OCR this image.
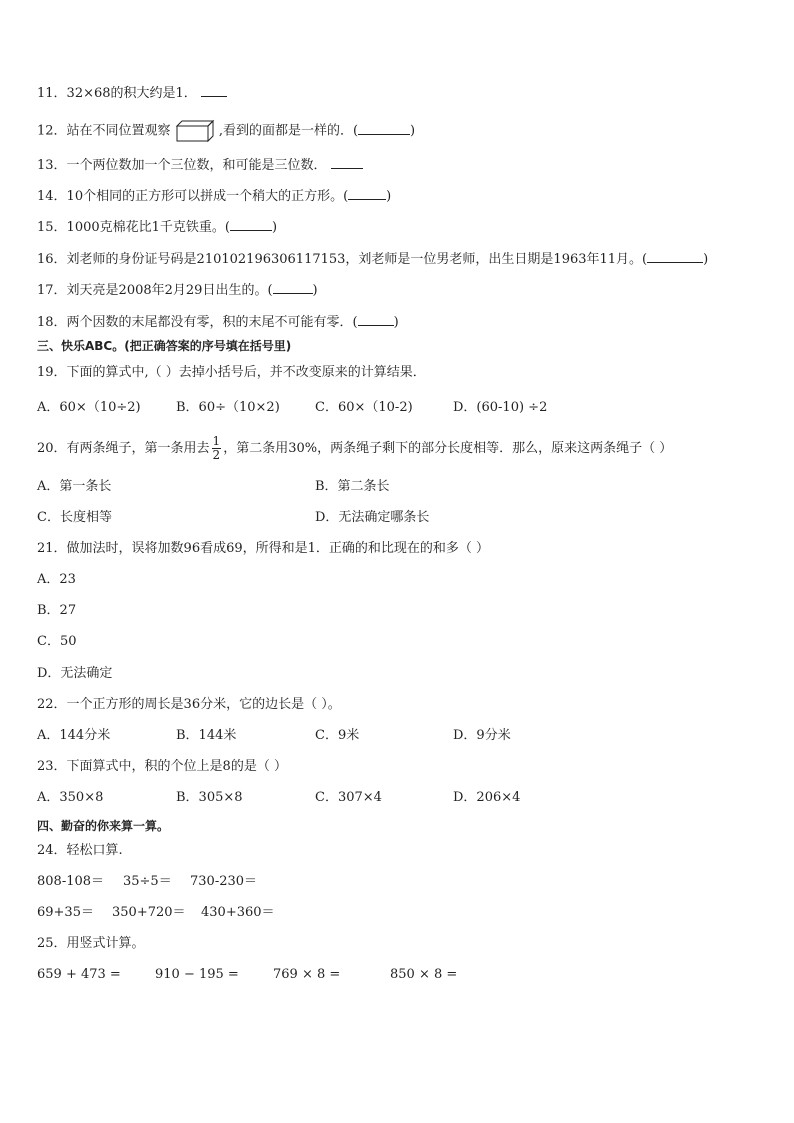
11．32×68的积大约是1．
12．站在不同位置观察	,看到的面都是一样的．(	)
13．一个两位数加一个三位数，和可能是三位数．
14．10个相同的正方形可以拼成一个稍大的正方形。(	)
15．1000克棉花比1千克铁重。(	)
16．刘老师的身份证号码是210102196306117153，刘老师是一位男老师，出生日期是1963年11月。(	)
17．刘天亮是2008年2月29日出生的。(	)
18．两个因数的末尾都没有零，积的末尾不可能有零．(	)
三、快乐ABC。(把正确答案的序号填在括号里)
19．下面的算式中,（ ）去掉小括号后，并不改变原来的计算结果．
A．60×（10÷2)	B．60÷（10×2)	C．60×（10-2)	D．(60-10) ÷2
20．有两条绳子，第一条用去 $\frac{1}{2}$ ，第二条用30%，两条绳子剩下的部分长度相等．那么，原来这两条绳子（ ）
A．第一条长	B．第二条长
C．长度相等	D．无法确定哪条长
21．做加法时，误将加数96看成69，所得和是1．正确的和比现在的和多（ ）
A．23
B．27
C．50
D．无法确定
22．一个正方形的周长是36分米，它的边长是（ ）。
A．144分米	B．144米	C．9米	D．9分米
23．下面算式中，积的个位上是8的是（ ）
A．350×8	B．305×8	C．307×4	D．206×4
四、勤奋的你来算一算。
24．轻松口算.
808-108＝ 35÷5＝ 730-230＝
69+35＝ 350+720＝ 430+360＝
25．用竖式计算。
659 + 473 =	910 − 195 =	769 × 8 =	850 × 8 =
